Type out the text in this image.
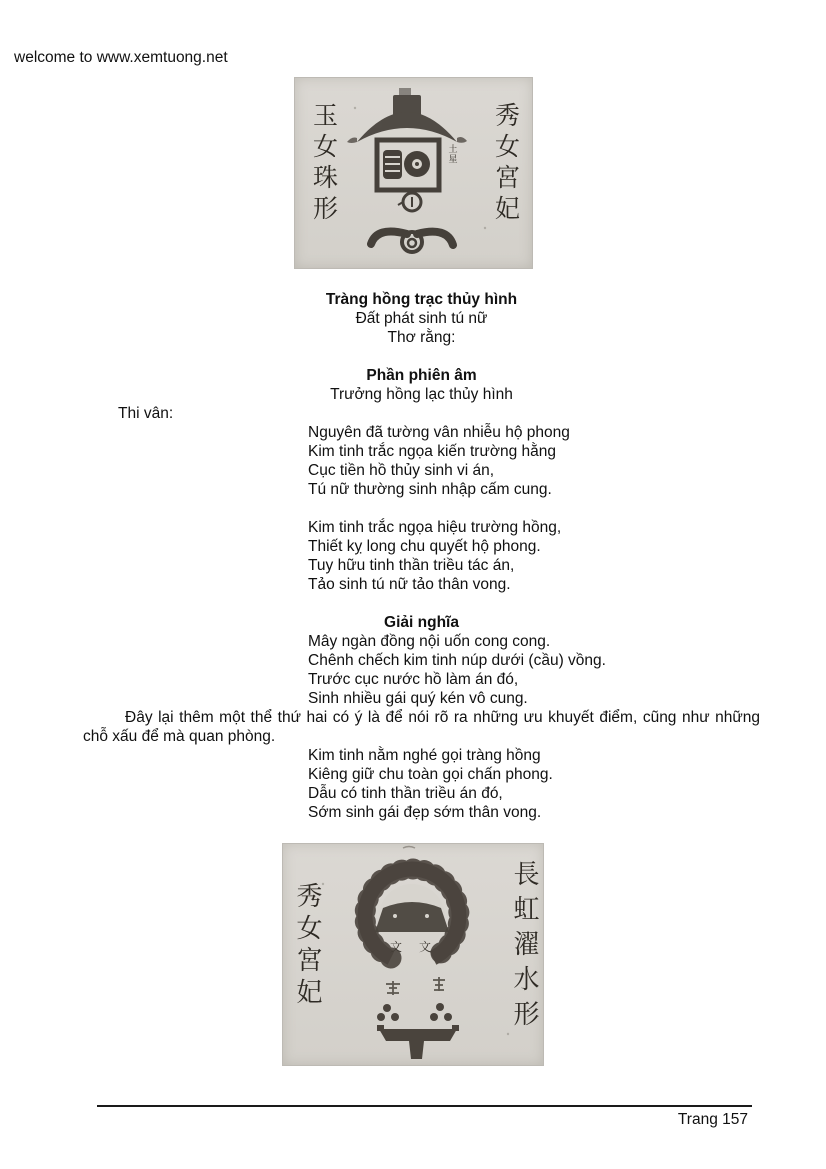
welcome to www.xemtuong.net
玉女珠形	秀女宮妃
土星
Tràng hồng trạc thủy hình
Đất phát sinh tú nữ
Thơ rằng:
Phần phiên âm
Trưởng hồng lạc thủy hình
Thi vân:
Nguyên đã tường vân nhiễu hộ phong
Kim tinh trắc ngọa kiến trường hằng
Cục tiền hồ thủy sinh vi án,
Tú nữ thường sinh nhập cấm cung.
Kim tinh trắc ngọa hiệu trường hồng,
Thiết kỵ long chu quyết hộ phong.
Tuy hữu tinh thần triều tác án,
Tảo sinh tú nữ tảo thân vong.
Giải nghĩa
Mây ngàn đồng nội uốn cong cong.
Chênh chếch kim tinh núp dưới (cầu) vồng.
Trước cục nước hồ làm án đó,
Sinh nhiều gái quý kén vô cung.
Đây lại thêm một thể thứ hai có ý là để nói rõ ra những ưu khuyết điểm, cũng như những chỗ xấu để mà quan phòng.
Kim tinh nằm nghé gọi tràng hồng
Kiêng giữ chu toàn gọi chấn phong.
Dẫu có tinh thần triều án đó,
Sớm sinh gái đẹp sớm thân vong.
秀女宮妃	長虹濯水形
文文
Trang 157
